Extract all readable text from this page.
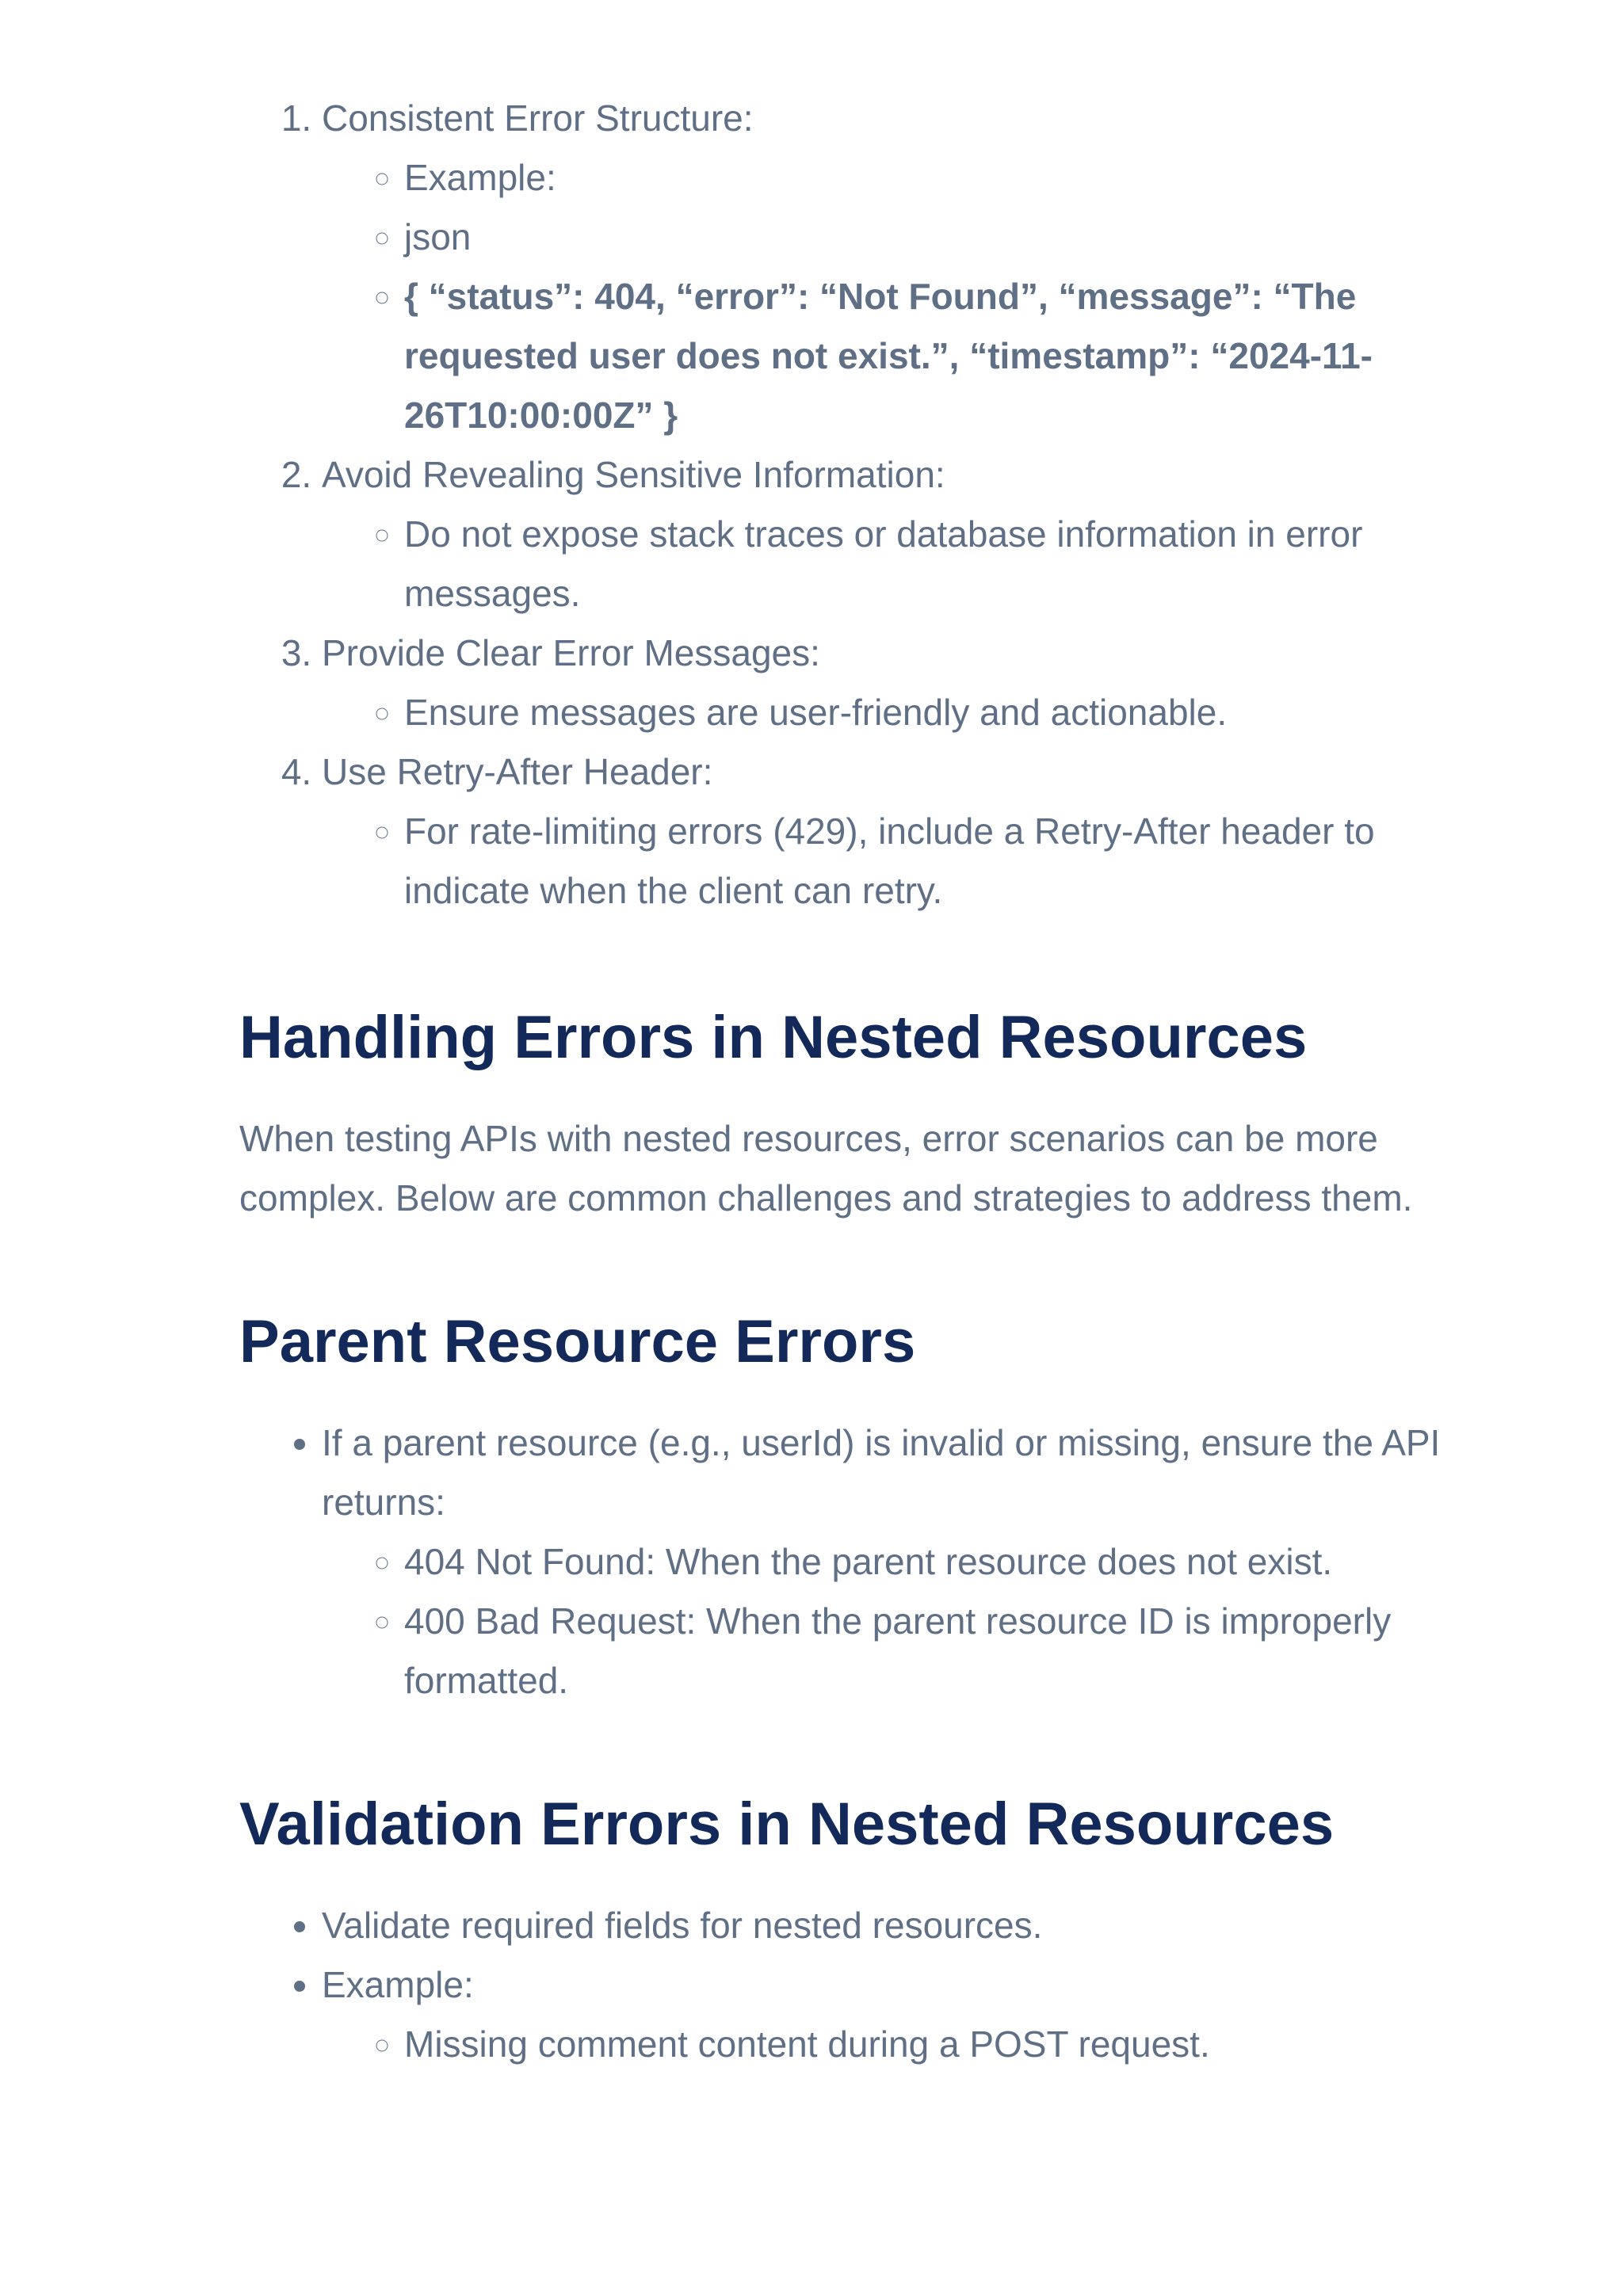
1. Consistent Error Structure:
◦ Example:
◦ json
◦ { “status”: 404, “error”: “Not Found”, “message”: “The requested user does not exist.”, “timestamp”: “2024-11-26T10:00:00Z” }
2. Avoid Revealing Sensitive Information:
◦ Do not expose stack traces or database information in error messages.
3. Provide Clear Error Messages:
◦ Ensure messages are user-friendly and actionable.
4. Use Retry-After Header:
◦ For rate-limiting errors (429), include a Retry-After header to indicate when the client can retry.
Handling Errors in Nested Resources

When testing APIs with nested resources, error scenarios can be more complex. Below are common challenges and strategies to address them.

Parent Resource Errors
• If a parent resource (e.g., userId) is invalid or missing, ensure the API returns:
◦ 404 Not Found: When the parent resource does not exist.
◦ 400 Bad Request: When the parent resource ID is improperly formatted.
Validation Errors in Nested Resources
• Validate required fields for nested resources.
• Example:
◦ Missing comment content during a POST request.
